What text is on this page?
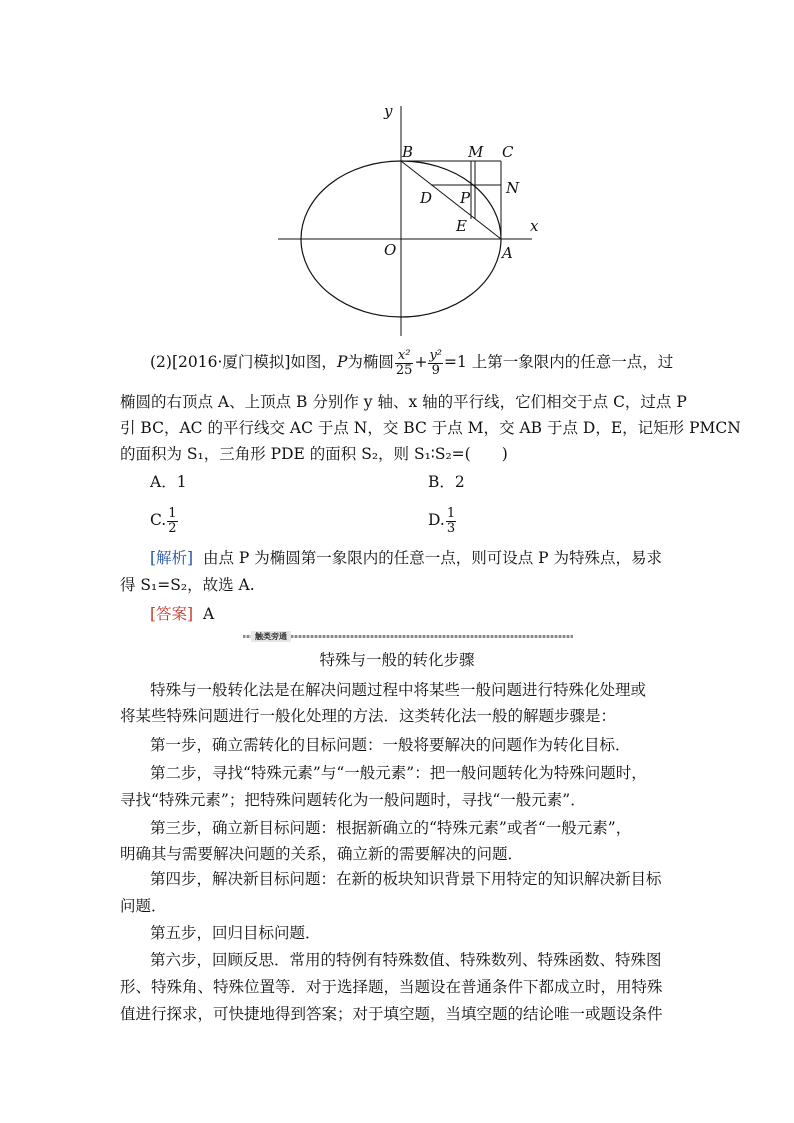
y
x
B	M C
N
D P
E
O	A
(2)[2016·厦门模拟]如图，P为椭圆 $\frac{\text{x²}}{25} + \frac{\text{y²}}{9} =1$ 上第一象限内的任意一点，过
椭圆的右顶点 A、上顶点 B 分别作 y 轴、x 轴的平行线，它们相交于点 C，过点 P
引 BC，AC 的平行线交 AC 于点 N，交 BC 于点 M，交 AB 于点 D，E，记矩形 PMCN
的面积为 S₁，三角形 PDE 的面积 S₂，则 S₁∶S₂=(　　)
A．1	B．2
C. $\frac{1}{2}$	D. $\frac{1}{3}$
[解析] 由点 P 为椭圆第一象限内的任意一点，则可设点 P 为特殊点，易求
得 S₁=S₂，故选 A.
[答案] A
触类旁通
特殊与一般的转化步骤
特殊与一般转化法是在解决问题过程中将某些一般问题进行特殊化处理或
将某些特殊问题进行一般化处理的方法．这类转化法一般的解题步骤是：
第一步，确立需转化的目标问题：一般将要解决的问题作为转化目标．
第二步，寻找“特殊元素”与“一般元素”：把一般问题转化为特殊问题时，
寻找“特殊元素”；把特殊问题转化为一般问题时，寻找“一般元素”．
第三步，确立新目标问题：根据新确立的“特殊元素”或者“一般元素”，
明确其与需要解决问题的关系，确立新的需要解决的问题．
第四步，解决新目标问题：在新的板块知识背景下用特定的知识解决新目标
问题．
第五步，回归目标问题．
第六步，回顾反思．常用的特例有特殊数值、特殊数列、特殊函数、特殊图
形、特殊角、特殊位置等．对于选择题，当题设在普通条件下都成立时，用特殊
值进行探求，可快捷地得到答案；对于填空题，当填空题的结论唯一或题设条件
